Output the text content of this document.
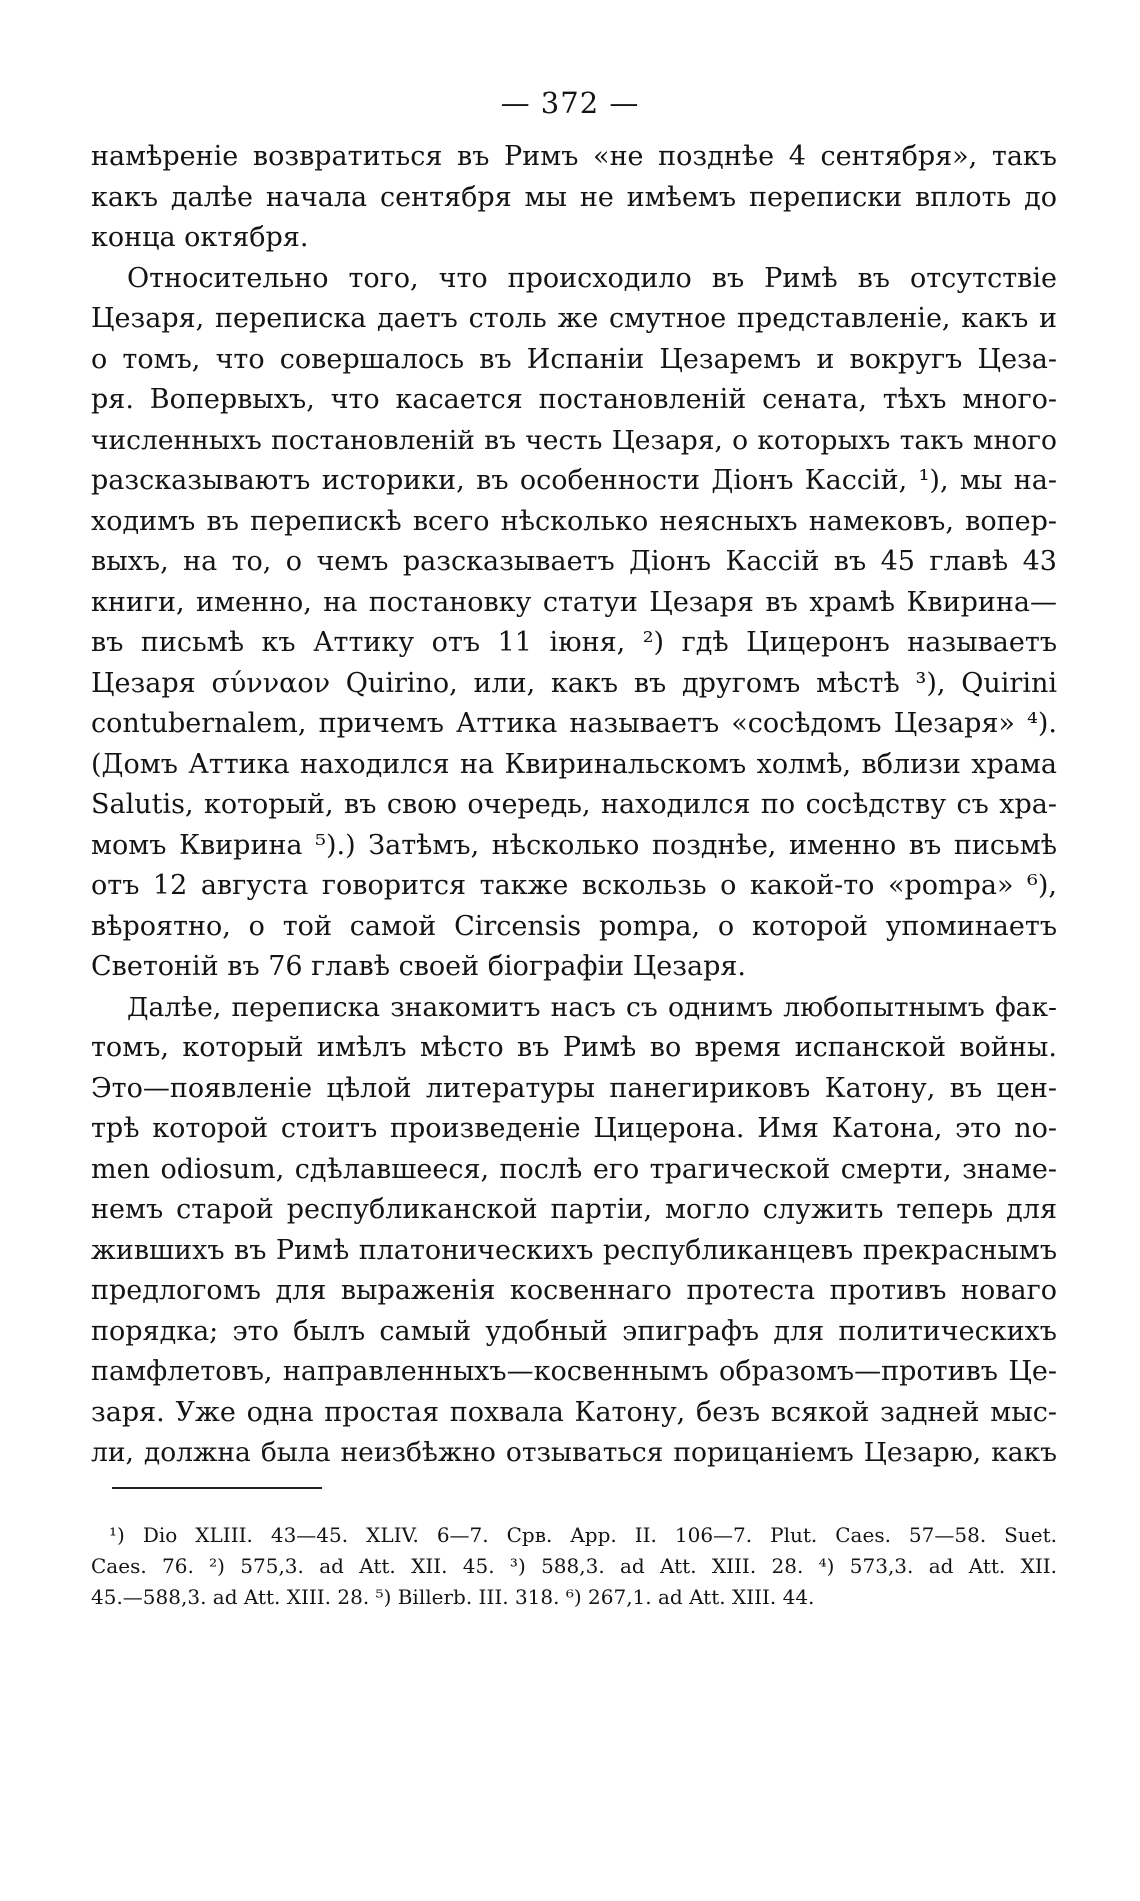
— 372 —
намѣреніе возвратиться въ Римъ «не позднѣе 4 сентября», такъ
какъ далѣе начала сентября мы не имѣемъ переписки вплоть до
конца октября.
Относительно того, что происходило въ Римѣ въ отсутствіе
Цезаря, переписка даетъ столь же смутное представленіе, какъ и
о томъ, что совершалось въ Испаніи Цезаремъ и вокругъ Цеза-
ря. Вопервыхъ, что касается постановленій сената, тѣхъ много-
численныхъ постановленій въ честь Цезаря, о которыхъ такъ много
разсказываютъ историки, въ особенности Діонъ Кассій, ¹), мы на-
ходимъ въ перепискѣ всего нѣсколько неясныхъ намековъ, вопер-
выхъ, на то, о чемъ разсказываетъ Діонъ Кассій въ 45 главѣ 43
книги, именно, на постановку статуи Цезаря въ храмѣ Квирина—
въ письмѣ къ Аттику отъ 11 іюня, ²) гдѣ Цицеронъ называетъ
Цезаря σύνναον Quirino, или, какъ въ другомъ мѣстѣ ³), Quirini
contubernalem, причемъ Аттика называетъ «сосѣдомъ Цезаря» ⁴).
(Домъ Аттика находился на Квиринальскомъ холмѣ, вблизи храма
Salutis, который, въ свою очередь, находился по сосѣдству съ хра-
момъ Квирина ⁵).) Затѣмъ, нѣсколько позднѣе, именно въ письмѣ
отъ 12 августа говорится также вскользь о какой-то «pompa» ⁶),
вѣроятно, о той самой Circensis pompa, о которой упоминаетъ
Светоній въ 76 главѣ своей біографіи Цезаря.
Далѣе, переписка знакомитъ насъ съ однимъ любопытнымъ фак-
томъ, который имѣлъ мѣсто въ Римѣ во время испанской войны.
Это—появленіе цѣлой литературы панегириковъ Катону, въ цен-
трѣ которой стоитъ произведеніе Цицерона. Имя Катона, это no-
men odiosum, сдѣлавшееся, послѣ его трагической смерти, знаме-
немъ старой республиканской партіи, могло служить теперь для
жившихъ въ Римѣ платоническихъ республиканцевъ прекраснымъ
предлогомъ для выраженія косвеннаго протеста противъ новаго
порядка; это былъ самый удобный эпиграфъ для политическихъ
памфлетовъ, направленныхъ—косвеннымъ образомъ—противъ Це-
заря. Уже одна простая похвала Катону, безъ всякой задней мыс-
ли, должна была неизбѣжно отзываться порицаніемъ Цезарю, какъ
¹) Dio XLIII. 43—45. XLIV. 6—7. Срв. App. II. 106—7. Plut. Caes. 57—58. Suet.
Caes. 76. ²) 575,3. ad Att. XII. 45. ³) 588,3. ad Att. XIII. 28. ⁴) 573,3. ad Att. XII.
45.—588,3. ad Att. XIII. 28. ⁵) Billerb. III. 318. ⁶) 267,1. ad Att. XIII. 44.
